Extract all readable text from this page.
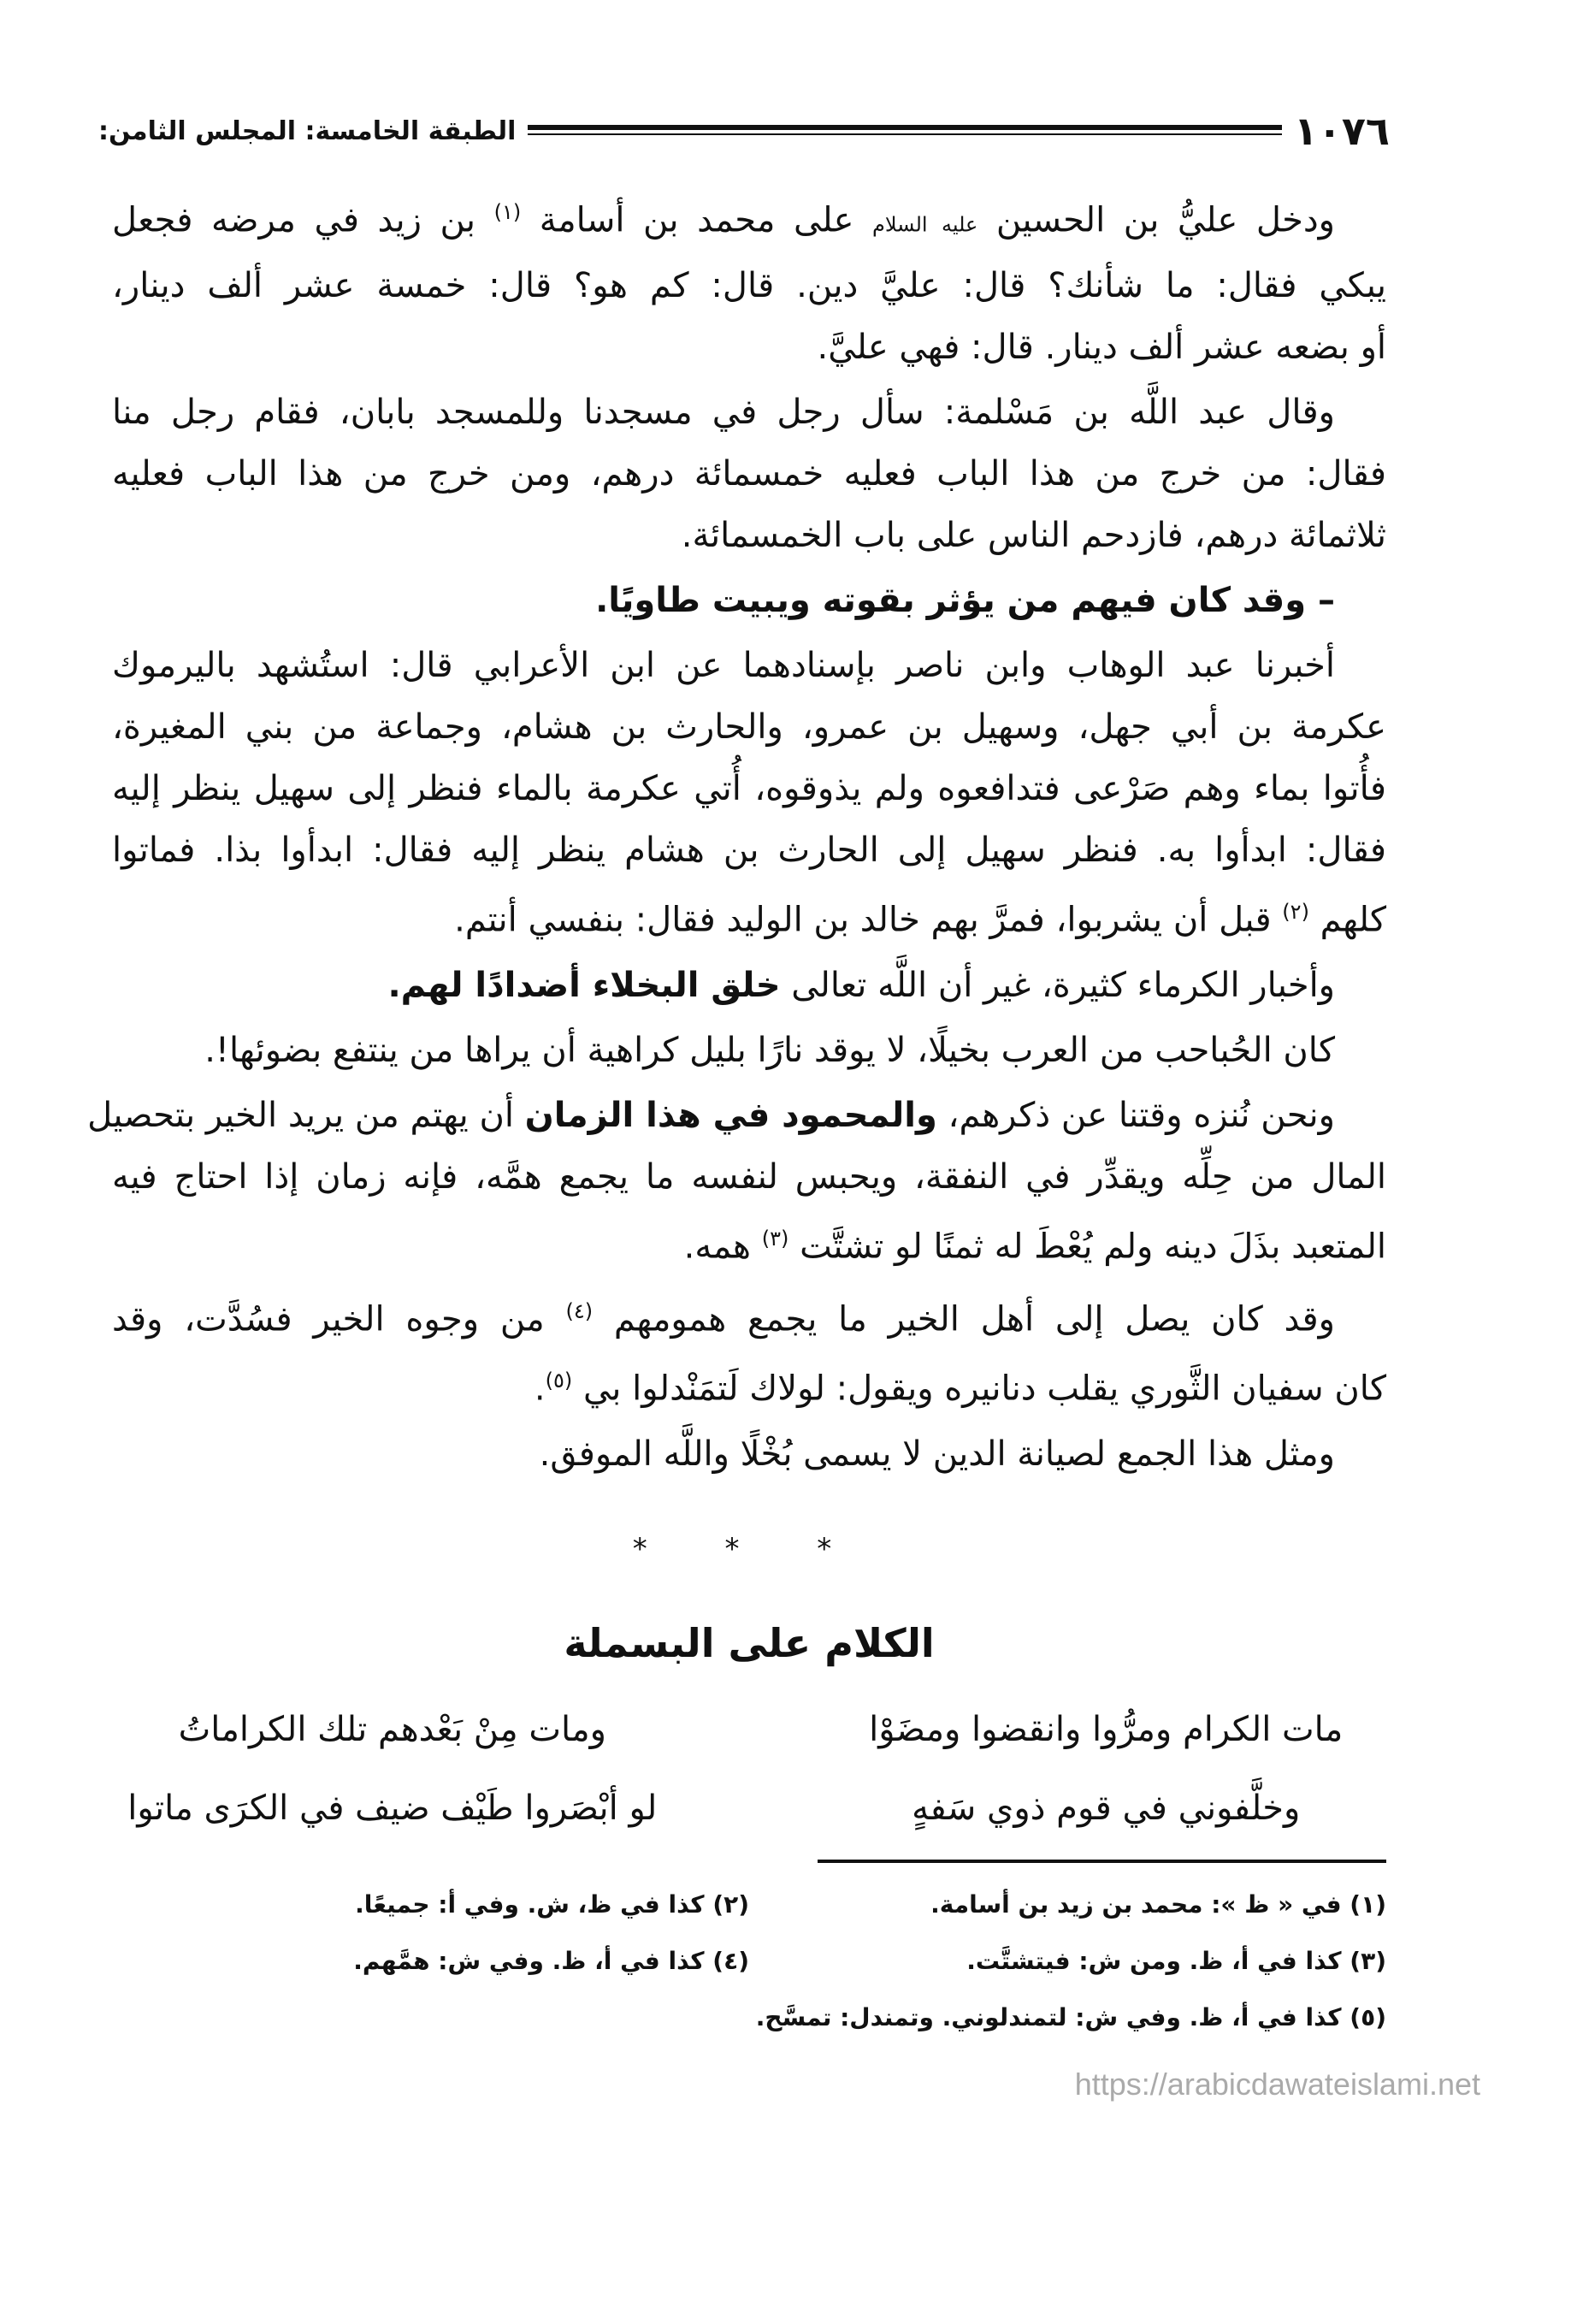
١٠٧٦
الطبقة الخامسة: المجلس الثامن:
ودخل عليُّ بن الحسين عليه السلام على محمد بن أسامة $^{(١)}$ بن زيد في مرضه فجعل
يبكي فقال: ما شأنك؟ قال: عليَّ دين. قال: كم هو؟ قال: خمسة عشر ألف دينار،
أو بضعه عشر ألف دينار. قال: فهي عليَّ.
وقال عبد اللَّه بن مَسْلمة: سأل رجل في مسجدنا وللمسجد بابان، فقام رجل منا
فقال: من خرج من هذا الباب فعليه خمسمائة درهم، ومن خرج من هذا الباب فعليه
ثلاثمائة درهم، فازدحم الناس على باب الخمسمائة.
– وقد كان فيهم من يؤثر بقوته ويبيت طاويًا.
أخبرنا عبد الوهاب وابن ناصر بإسنادهما عن ابن الأعرابي قال: استُشهد باليرموك
عكرمة بن أبي جهل، وسهيل بن عمرو، والحارث بن هشام، وجماعة من بني المغيرة،
فأُتوا بماء وهم صَرْعى فتدافعوه ولم يذوقوه، أُتي عكرمة بالماء فنظر إلى سهيل ينظر إليه
فقال: ابدأوا به. فنظر سهيل إلى الحارث بن هشام ينظر إليه فقال: ابدأوا بذا. فماتوا
كلهم $^{(٢)}$ قبل أن يشربوا، فمرَّ بهم خالد بن الوليد فقال: بنفسي أنتم.
وأخبار الكرماء كثيرة، غير أن اللَّه تعالى خلق البخلاء أضدادًا لهم.
كان الحُباحب من العرب بخيلًا، لا يوقد نارًا بليل كراهية أن يراها من ينتفع بضوئها!.
ونحن نُنزه وقتنا عن ذكرهم، والمحمود في هذا الزمان أن يهتم من يريد الخير بتحصيل
المال من حِلِّه ويقدِّر في النفقة، ويحبس لنفسه ما يجمع همَّه، فإنه زمان إذا احتاج فيه
المتعبد بذَلَ دينه ولم يُعْطَ له ثمنًا لو تشتَّت $^{(٣)}$ همه.
وقد كان يصل إلى أهل الخير ما يجمع همومهم $^{(٤)}$ من وجوه الخير فسُدَّت، وقد
كان سفيان الثَّوري يقلب دنانيره ويقول: لولاك لَتمَنْدلوا بي $^{(٥)}$.
ومثل هذا الجمع لصيانة الدين لا يسمى بُخْلًا واللَّه الموفق.
* * *
الكلام على البسملة
مات الكرام ومرُّوا وانقضوا ومضَوْا
ومات مِنْ بَعْدهم تلك الكراماتُ
وخلَّفوني في قوم ذوي سَفهٍ
لو أبْصَروا طَيْف ضيف في الكرَى ماتوا
(١) في « ظ »: محمد بن زيد بن أسامة.
(٢) كذا في ظ، ش. وفي أ: جميعًا.
(٣) كذا في أ، ظ. ومن ش: فيتشتَّت.
(٤) كذا في أ، ظ. وفي ش: همَّهم.
(٥) كذا في أ، ظ. وفي ش: لتمندلوني. وتمندل: تمسَّح.
https://arabicdawateislami.net
